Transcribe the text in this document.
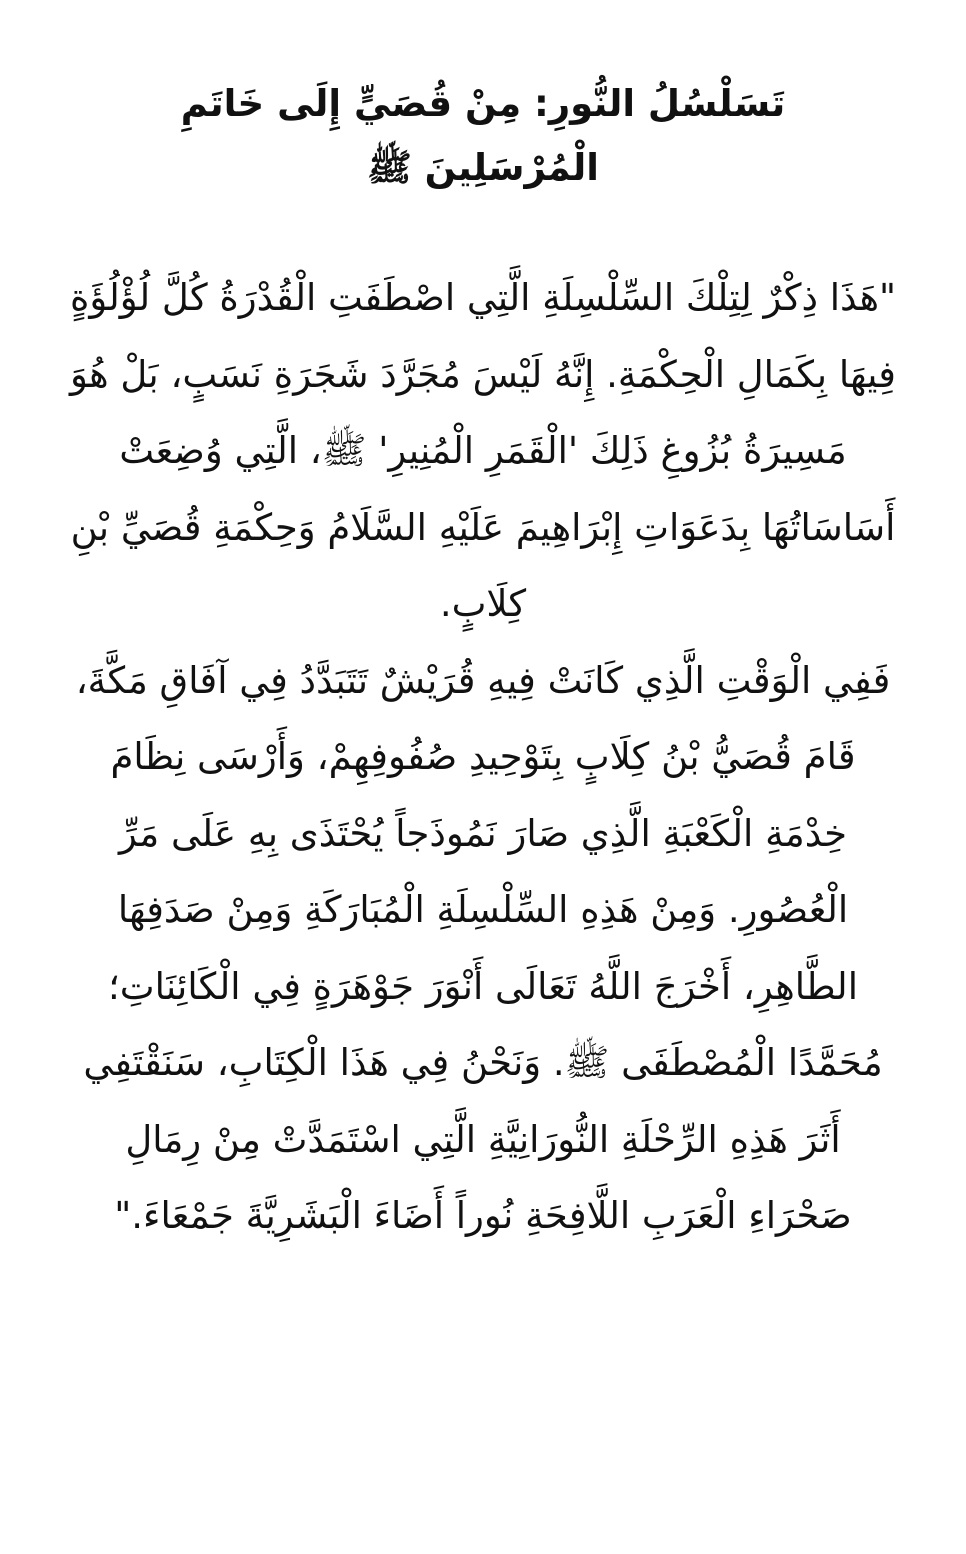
تَسَلْسُلُ النُّورِ: مِنْ قُصَيٍّ إِلَى خَاتَمِ الْمُرْسَلِينَ ﷺ

"هَذَا ذِكْرٌ لِتِلْكَ السِّلْسِلَةِ الَّتِي اصْطَفَتِ الْقُدْرَةُ كُلَّ لُؤْلُؤَةٍ فِيهَا بِكَمَالِ الْحِكْمَةِ. إِنَّهُ لَيْسَ مُجَرَّدَ شَجَرَةِ نَسَبٍ، بَلْ هُوَ مَسِيرَةُ بُزُوغِ ذَلِكَ 'الْقَمَرِ الْمُنِيرِ' ﷺ، الَّتِي وُضِعَتْ أَسَاسَاتُهَا بِدَعَوَاتِ إِبْرَاهِيمَ عَلَيْهِ السَّلَامُ وَحِكْمَةِ قُصَيِّ بْنِ كِلَابٍ.

فَفِي الْوَقْتِ الَّذِي كَانَتْ فِيهِ قُرَيْشٌ تَتَبَدَّدُ فِي آفَاقِ مَكَّةَ، قَامَ قُصَيُّ بْنُ كِلَابٍ بِتَوْحِيدِ صُفُوفِهِمْ، وَأَرْسَى نِظَامَ خِدْمَةِ الْكَعْبَةِ الَّذِي صَارَ نَمُوذَجاً يُحْتَذَى بِهِ عَلَى مَرِّ الْعُصُورِ. وَمِنْ هَذِهِ السِّلْسِلَةِ الْمُبَارَكَةِ وَمِنْ صَدَفِهَا الطَّاهِرِ، أَخْرَجَ اللَّهُ تَعَالَى أَنْوَرَ جَوْهَرَةٍ فِي الْكَائِنَاتِ؛ مُحَمَّدًا الْمُصْطَفَى ﷺ. وَنَحْنُ فِي هَذَا الْكِتَابِ، سَنَقْتَفِي أَثَرَ هَذِهِ الرِّحْلَةِ النُّورَانِيَّةِ الَّتِي اسْتَمَدَّتْ مِنْ رِمَالِ صَحْرَاءِ الْعَرَبِ اللَّافِحَةِ نُوراً أَضَاءَ الْبَشَرِيَّةَ جَمْعَاءَ."
